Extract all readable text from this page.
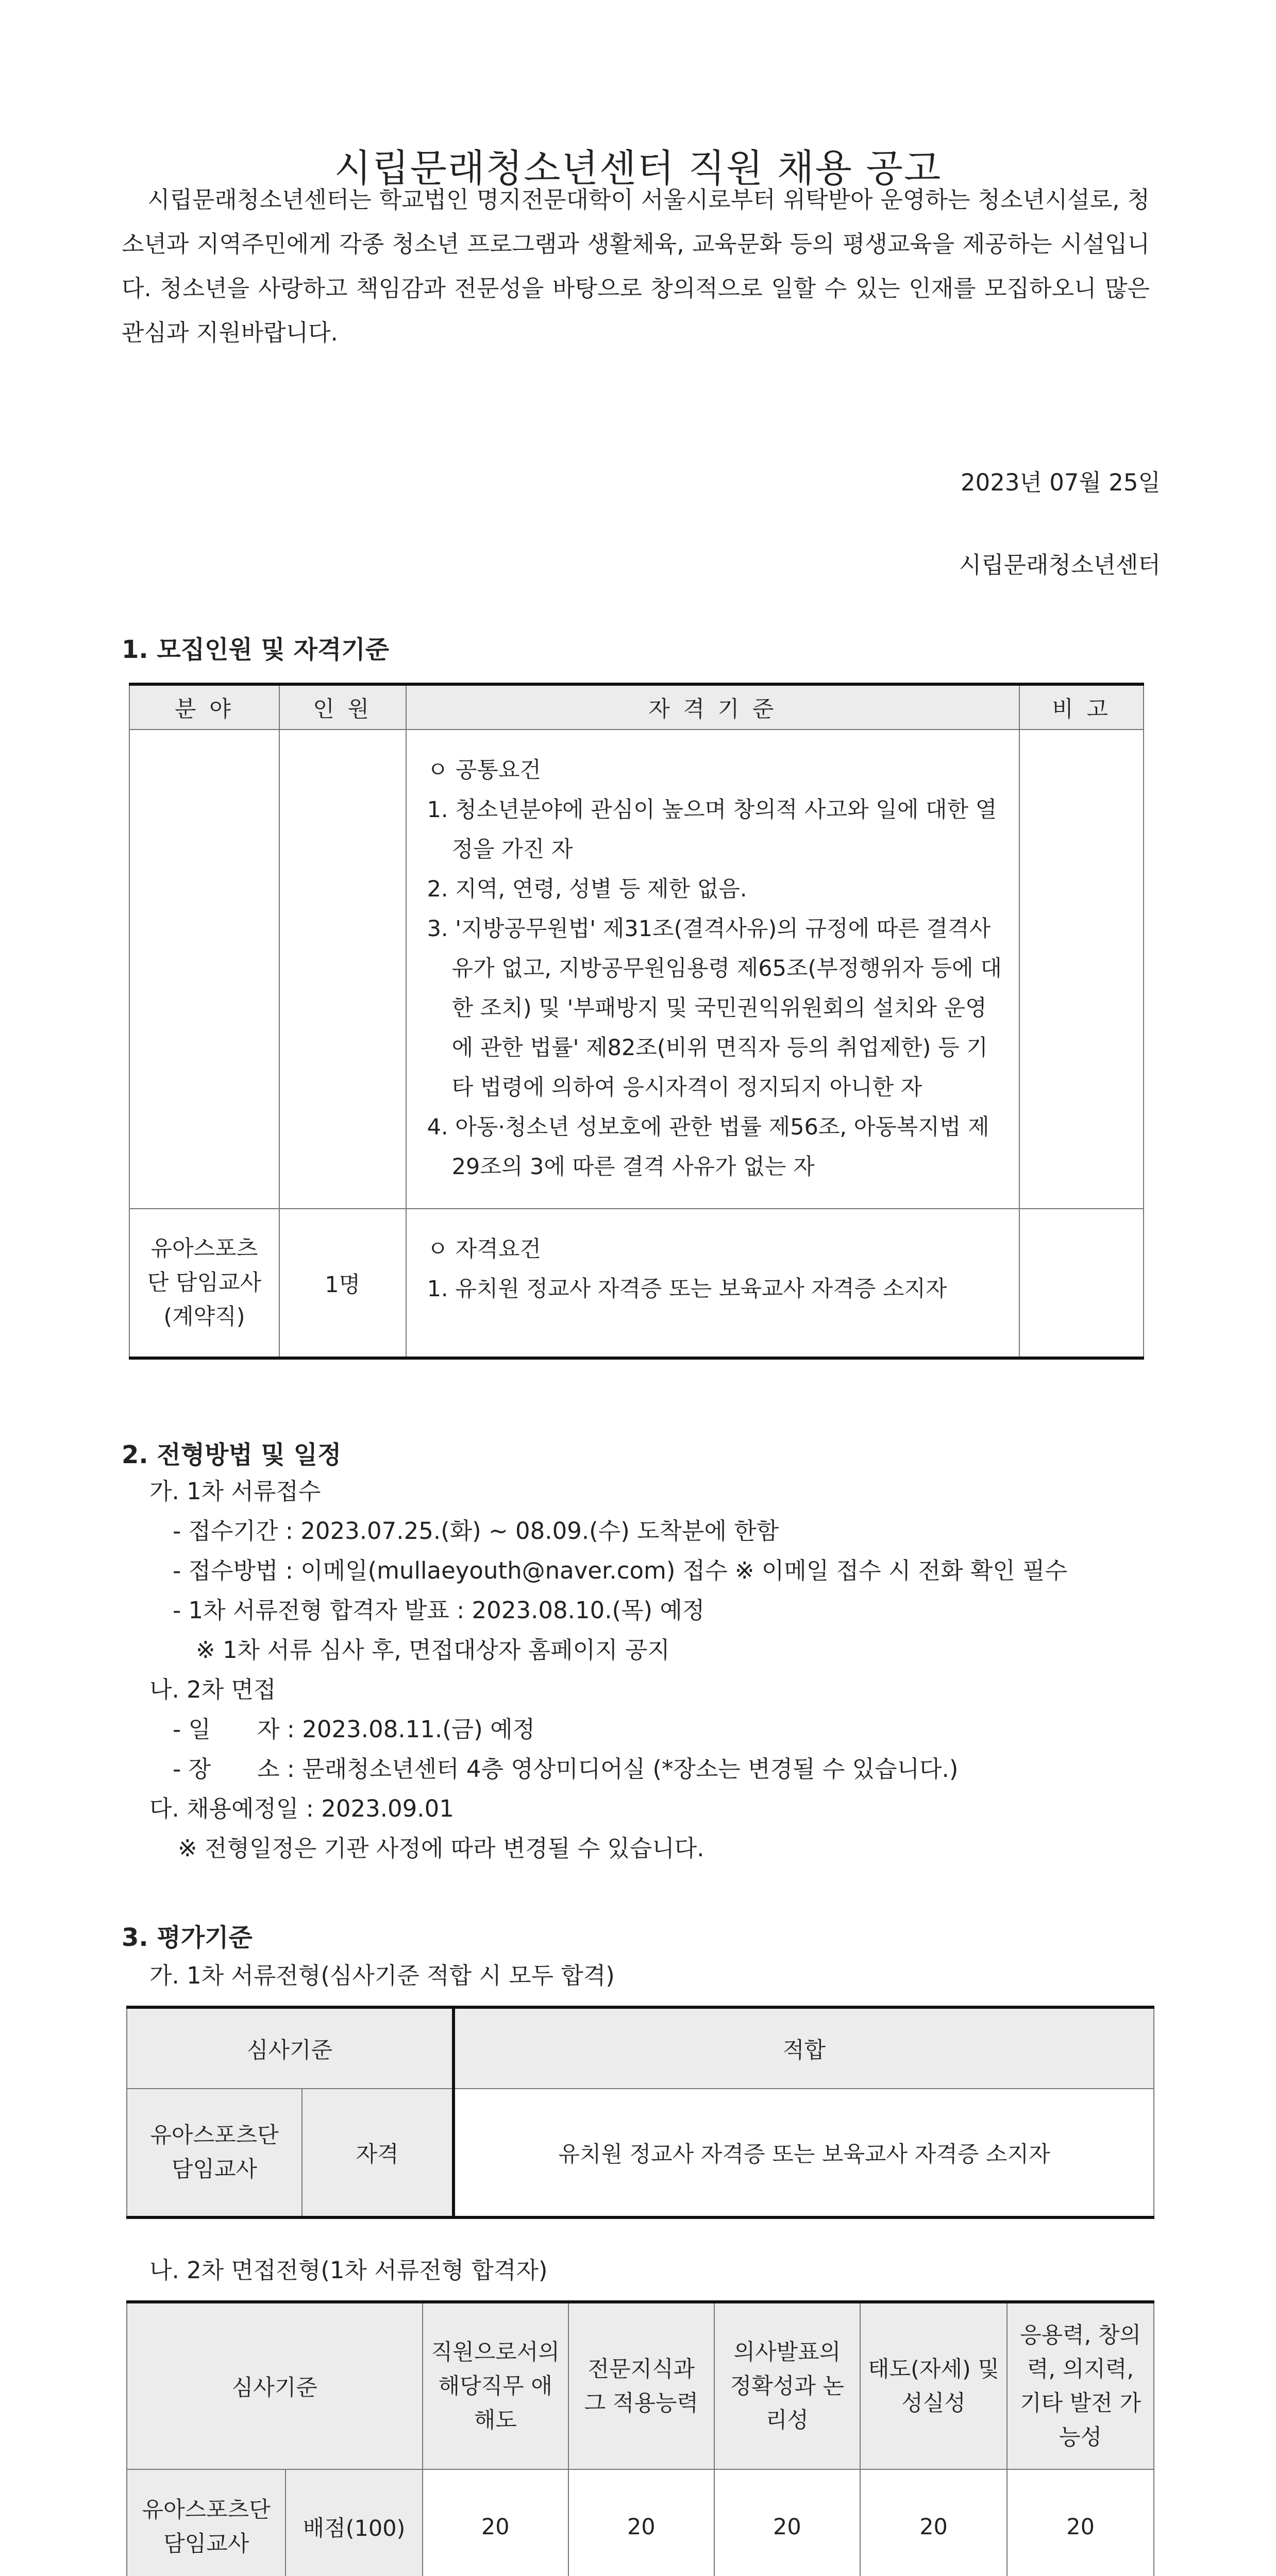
시립문래청소년센터 직원 채용 공고
시립문래청소년센터는 학교법인 명지전문대학이 서울시로부터 위탁받아 운영하는 청소년시설로, 청소년과 지역주민에게 각종 청소년 프로그램과 생활체육, 교육문화 등의 평생교육을 제공하는 시설입니다. 청소년을 사랑하고 책임감과 전문성을 바탕으로 창의적으로 일할 수 있는 인재를 모집하오니 많은 관심과 지원바랍니다.
2023년 07월 25일
시립문래청소년센터
1. 모집인원 및 자격기준
분 야	인 원	자 격 기 준	비 고

		ㅇ 공통요건

1. 청소년분야에 관심이 높으며 창의적 사고와 일에 대한 열정을 가진 자

2. 지역, 연령, 성별 등 제한 없음.

3. '지방공무원법' 제31조(결격사유)의 규정에 따른 결격사유가 없고, 지방공무원임용령 제65조(부정행위자 등에 대한 조치) 및 '부패방지 및 국민권익위원회의 설치와 운영에 관한 법률' 제82조(비위 면직자 등의 취업제한) 등 기타 법령에 의하여 응시자격이 정지되지 아니한 자

4. 아동·청소년 성보호에 관한 법률 제56조, 아동복지법 제29조의 3에 따른 결격 사유가 없는 자	

유아스포츠단 담임교사 (계약직)	1명	ㅇ 자격요건
1. 유치원 정교사 자격증 또는 보육교사 자격증 소지자	

2. 전형방법 및 일정
가. 1차 서류접수
- 접수기간 : 2023.07.25.(화) ~ 08.09.(수) 도착분에 한함
- 접수방법 : 이메일(mullaeyouth@naver.com) 접수 ※ 이메일 접수 시 전화 확인 필수
- 1차 서류전형 합격자 발표 : 2023.08.10.(목) 예정
※ 1차 서류 심사 후, 면접대상자 홈페이지 공지
나. 2차 면접
- 일　　자 : 2023.08.11.(금) 예정
- 장　　소 : 문래청소년센터 4층 영상미디어실 (*장소는 변경될 수 있습니다.)
다. 채용예정일 : 2023.09.01
※ 전형일정은 기관 사정에 따라 변경될 수 있습니다.
3. 평가기준
가. 1차 서류전형(심사기준 적합 시 모두 합격)
심사기준		적합
유아스포츠단 담임교사	자격	유치원 정교사 자격증 또는 보육교사 자격증 소지자
나. 2차 면접전형(1차 서류전형 합격자)
심사기준		직원으로서의 해당직무 애해도	전문지식과 그 적용능력	의사발표의 정확성과 논리성	태도(자세) 및 성실성	응용력, 창의력, 의지력, 기타 발전 가능성
유아스포츠단 담임교사	배점(100)	20	20	20	20	20
